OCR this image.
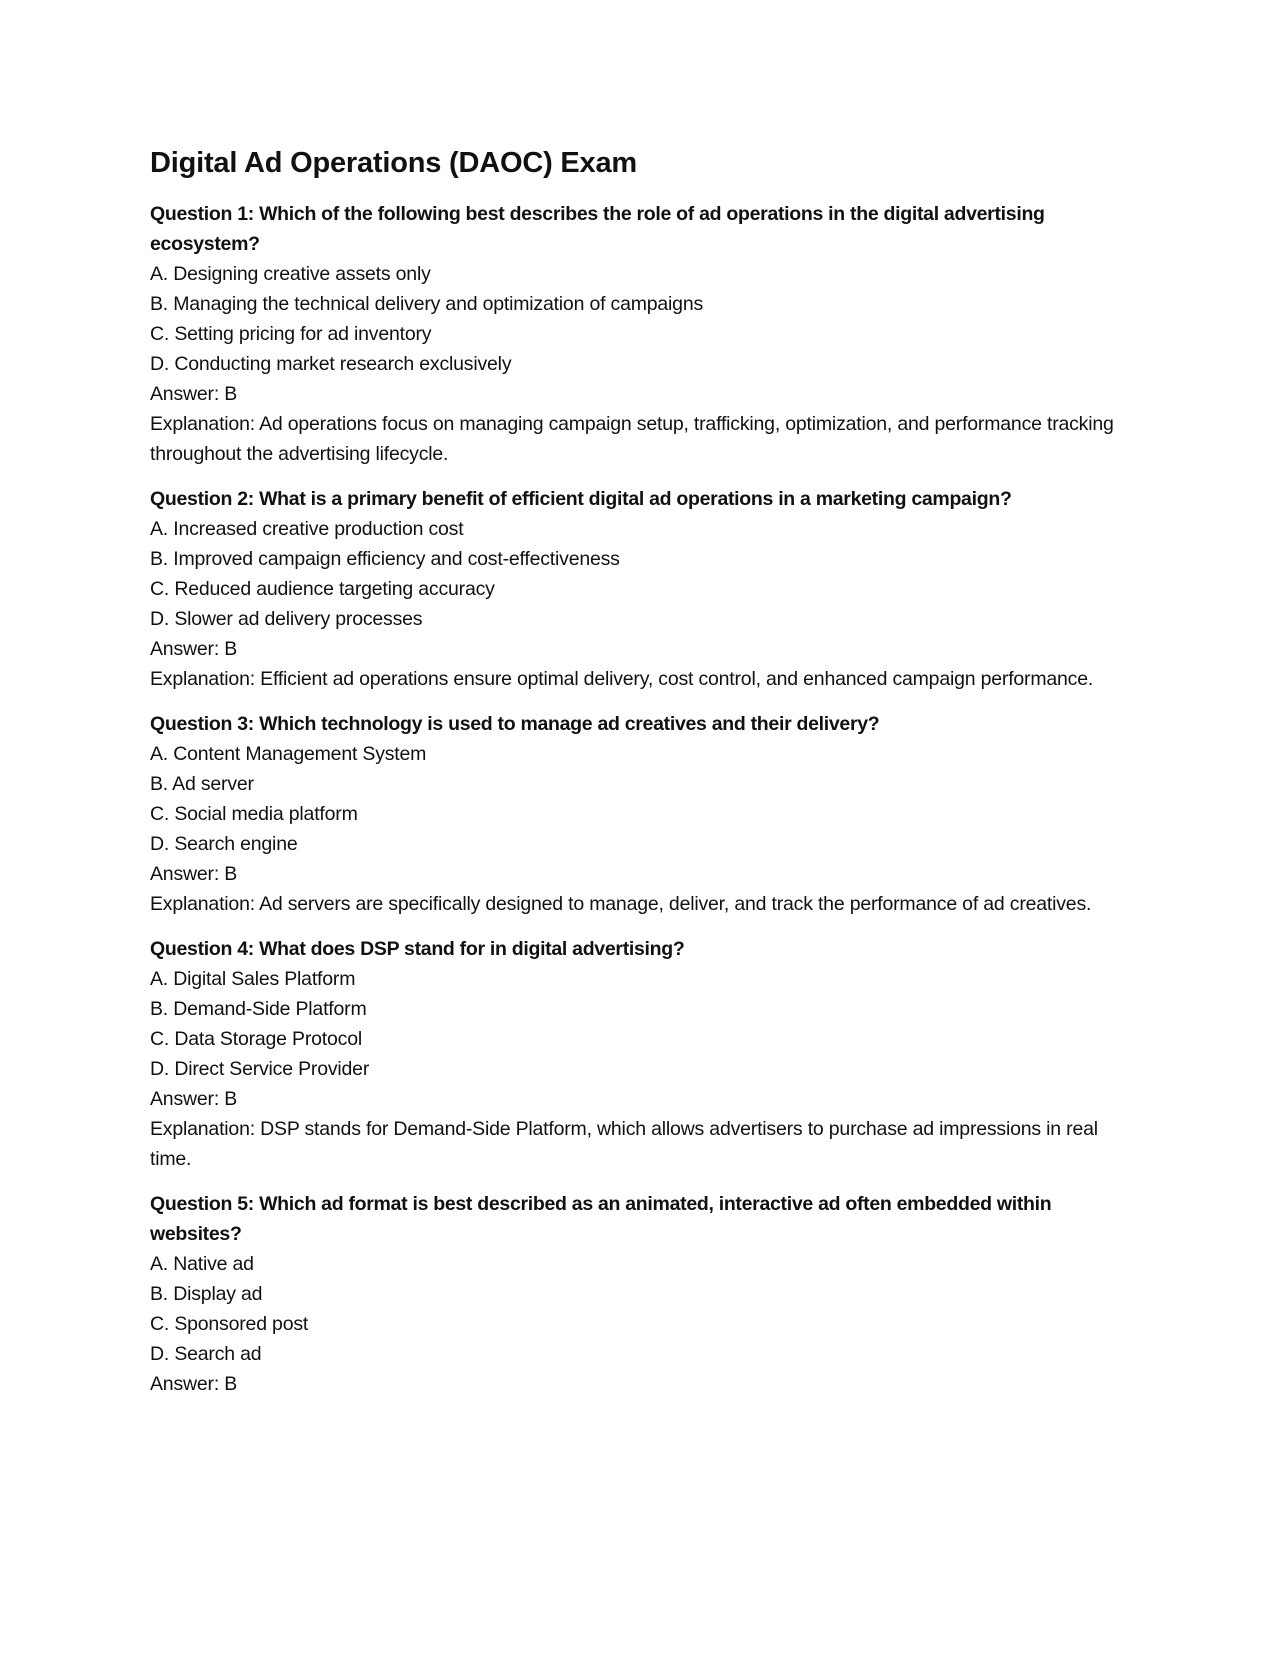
Digital Ad Operations (DAOC) Exam
Question 1: Which of the following best describes the role of ad operations in the digital advertising ecosystem?
A. Designing creative assets only
B. Managing the technical delivery and optimization of campaigns
C. Setting pricing for ad inventory
D. Conducting market research exclusively
Answer: B
Explanation: Ad operations focus on managing campaign setup, trafficking, optimization, and performance tracking throughout the advertising lifecycle.
Question 2: What is a primary benefit of efficient digital ad operations in a marketing campaign?
A. Increased creative production cost
B. Improved campaign efficiency and cost-effectiveness
C. Reduced audience targeting accuracy
D. Slower ad delivery processes
Answer: B
Explanation: Efficient ad operations ensure optimal delivery, cost control, and enhanced campaign performance.
Question 3: Which technology is used to manage ad creatives and their delivery?
A. Content Management System
B. Ad server
C. Social media platform
D. Search engine
Answer: B
Explanation: Ad servers are specifically designed to manage, deliver, and track the performance of ad creatives.
Question 4: What does DSP stand for in digital advertising?
A. Digital Sales Platform
B. Demand-Side Platform
C. Data Storage Protocol
D. Direct Service Provider
Answer: B
Explanation: DSP stands for Demand-Side Platform, which allows advertisers to purchase ad impressions in real time.
Question 5: Which ad format is best described as an animated, interactive ad often embedded within websites?
A. Native ad
B. Display ad
C. Sponsored post
D. Search ad
Answer: B
